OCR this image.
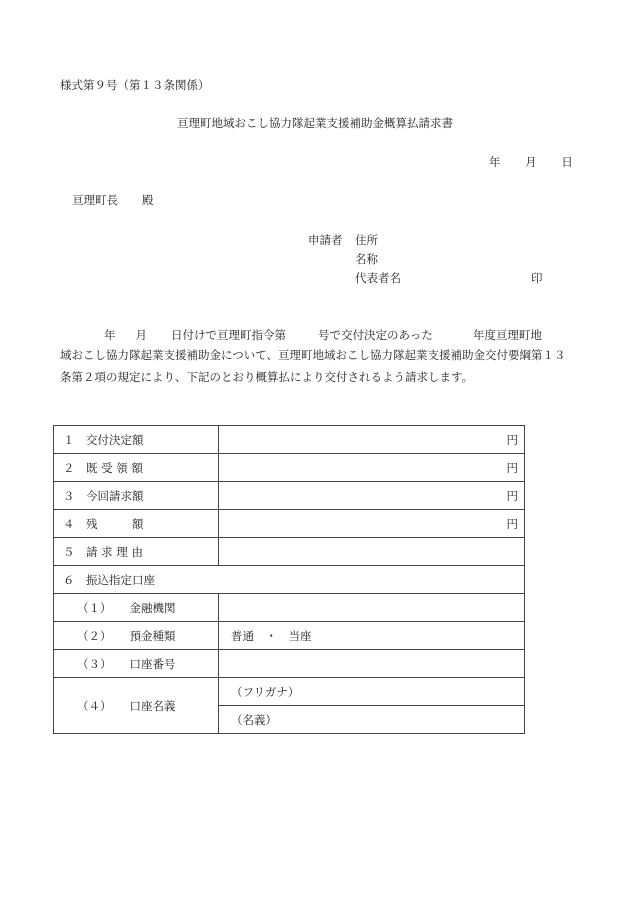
様式第９号（第１３条関係）
亘理町地域おこし協力隊起業支援補助金概算払請求書
年 月 日
亘理町長 殿
申請者 住所
名称
代表者名	印
年 月 日付けで亘理町指令第	号で交付決定のあった	年度亘理町地
域おこし協力隊起業支援補助金について、亘理町地域おこし協力隊起業支援補助金交付要綱第１３
条第２項の規定により、下記のとおり概算払により交付されるよう請求します。
１　交付決定額	円
２　既 受 領 額	円
３　今回請求額	円
４　残　　　額	円
５　請 求 理 由	
６　振込指定口座	
（１） 金融機関	
（２） 預金種類	普通　・　当座
（３） 口座番号	
（４） 口座名義	（フリガナ）
	（名義）
